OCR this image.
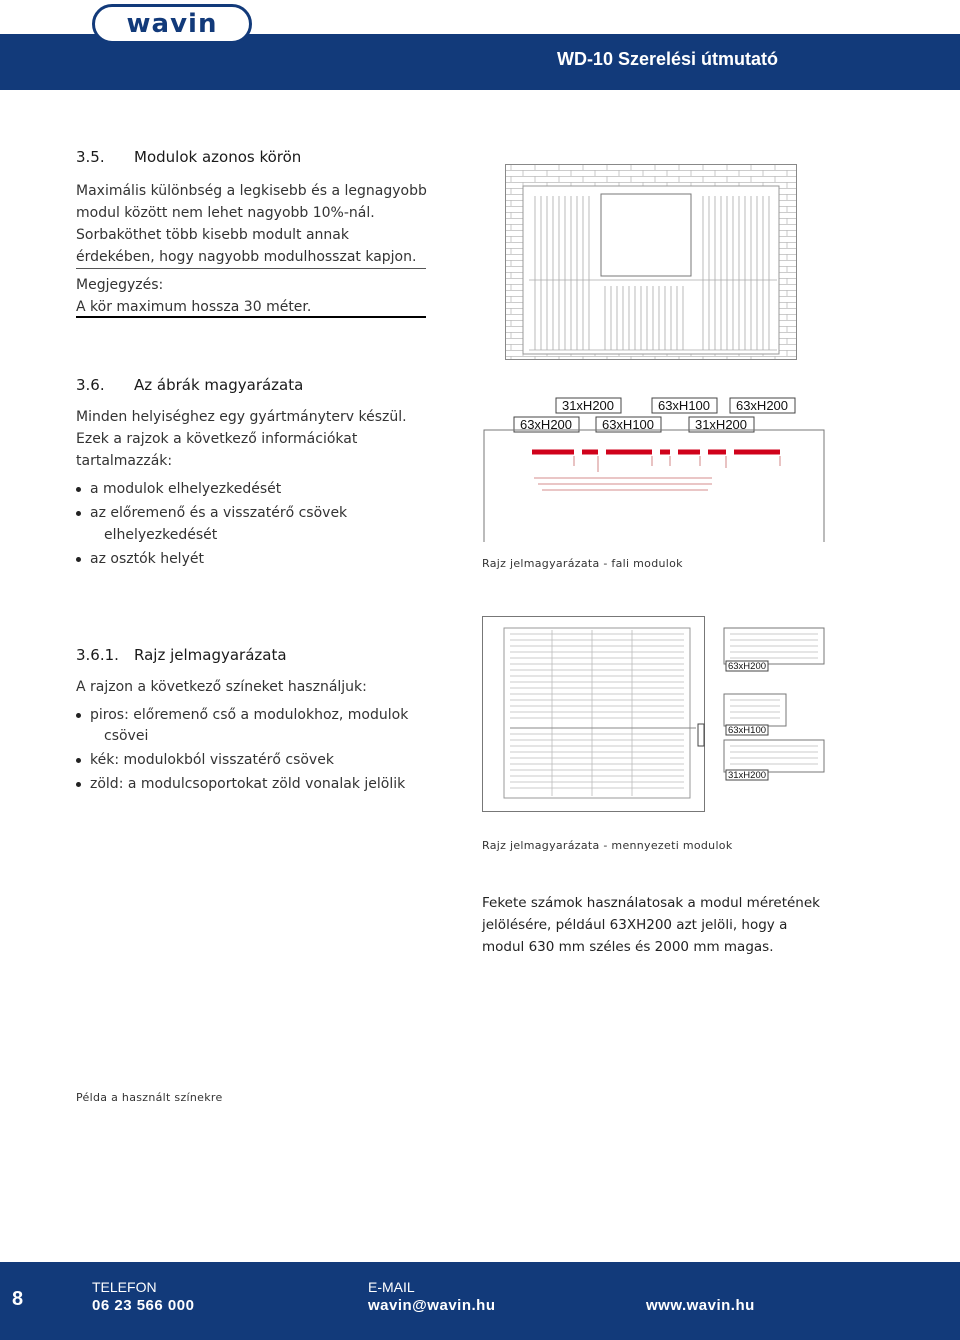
wavin
WD-10 Szerelési útmutató
3.5. Modulok azonos körön
Maximális különbség a legkisebb és a legnagyobb
modul között nem lehet nagyobb 10%-nál.
Sorbaköthet több kisebb modult annak
érdekében, hogy nagyobb modulhosszat kapjon.
Megjegyzés:
A kör maximum hossza 30 méter.
3.6. Az ábrák magyarázata
Minden helyiséghez egy gyártmányterv készül.
Ezek a rajzok a következő információkat
tartalmazzák:
a modulok elhelyezkedését
az előremenő és a visszatérő csövek
elhelyezkedését
az osztók helyét
31xH200	63xH100 63xH200
63xH200 63xH100	31xH200
Rajz jelmagyarázata - fali modulok
63xH200
63xH100
31xH200
Rajz jelmagyarázata - mennyezeti modulok
3.6.1. Rajz jelmagyarázata
A rajzon a következő színeket használjuk:
piros: előremenő cső a modulokhoz, modulok
csövei
kék: modulokból visszatérő csövek
zöld: a modulcsoportokat zöld vonalak jelölik
Fekete számok használatosak a modul méretének
jelölésére, például 63XH200 azt jelöli, hogy a
modul 630 mm széles és 2000 mm magas.
Példa a használt színekre
8
TELEFON
06 23 566 000
E-MAIL
wavin@wavin.hu	www.wavin.hu
